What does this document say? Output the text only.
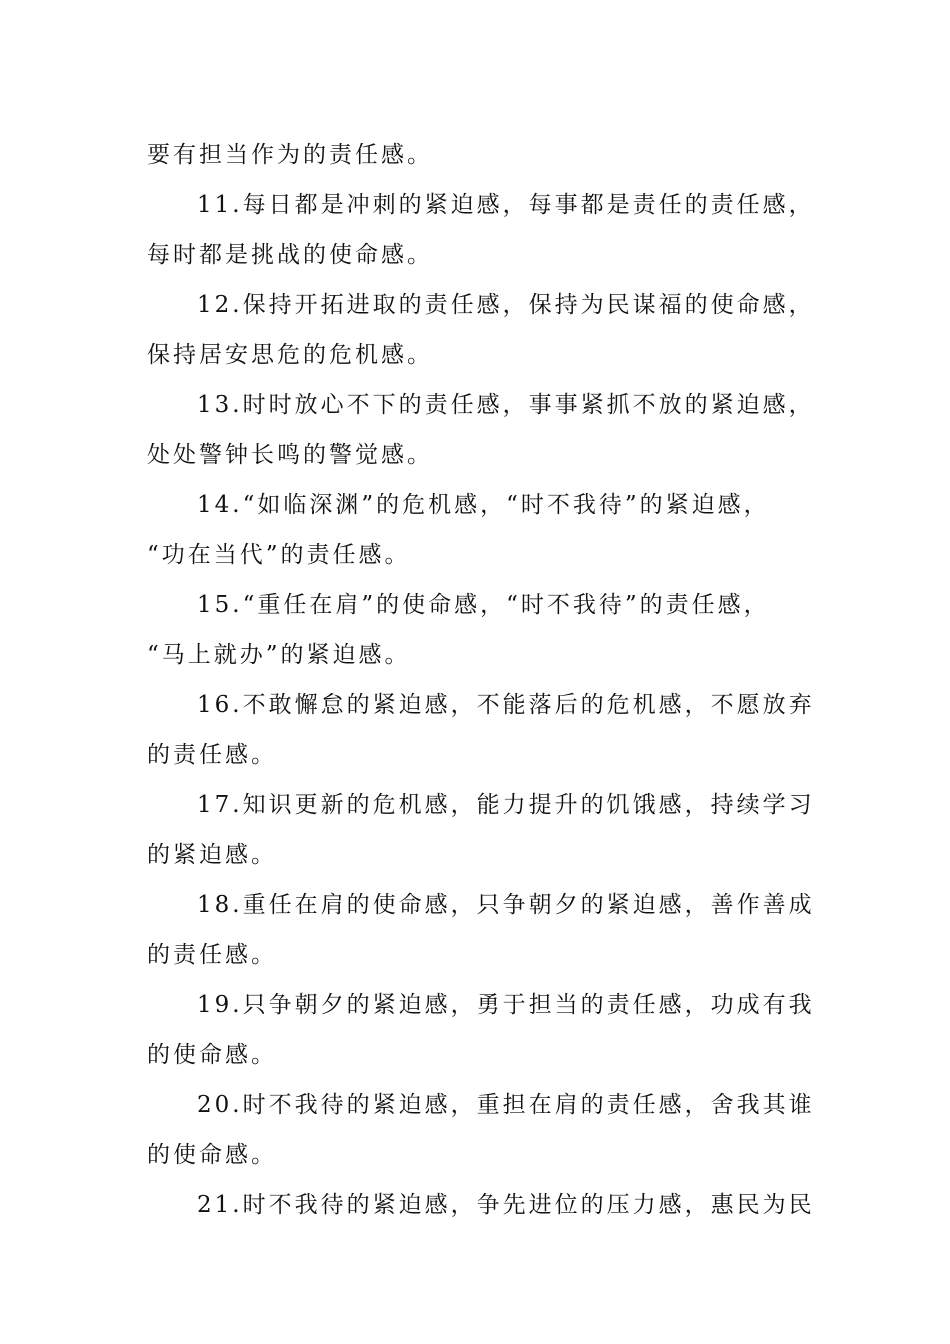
要有担当作为的责任感。
11.每日都是冲刺的紧迫感，每事都是责任的责任感，
每时都是挑战的使命感。
12.保持开拓进取的责任感，保持为民谋福的使命感，
保持居安思危的危机感。
13.时时放心不下的责任感，事事紧抓不放的紧迫感，
处处警钟长鸣的警觉感。
14.“如临深渊”的危机感，“时不我待”的紧迫感，
“功在当代”的责任感。
15.“重任在肩”的使命感，“时不我待”的责任感，
“马上就办”的紧迫感。
16.不敢懈怠的紧迫感，不能落后的危机感，不愿放弃
的责任感。
17.知识更新的危机感，能力提升的饥饿感，持续学习
的紧迫感。
18.重任在肩的使命感，只争朝夕的紧迫感，善作善成
的责任感。
19.只争朝夕的紧迫感，勇于担当的责任感，功成有我
的使命感。
20.时不我待的紧迫感，重担在肩的责任感，舍我其谁
的使命感。
21.时不我待的紧迫感，争先进位的压力感，惠民为民
